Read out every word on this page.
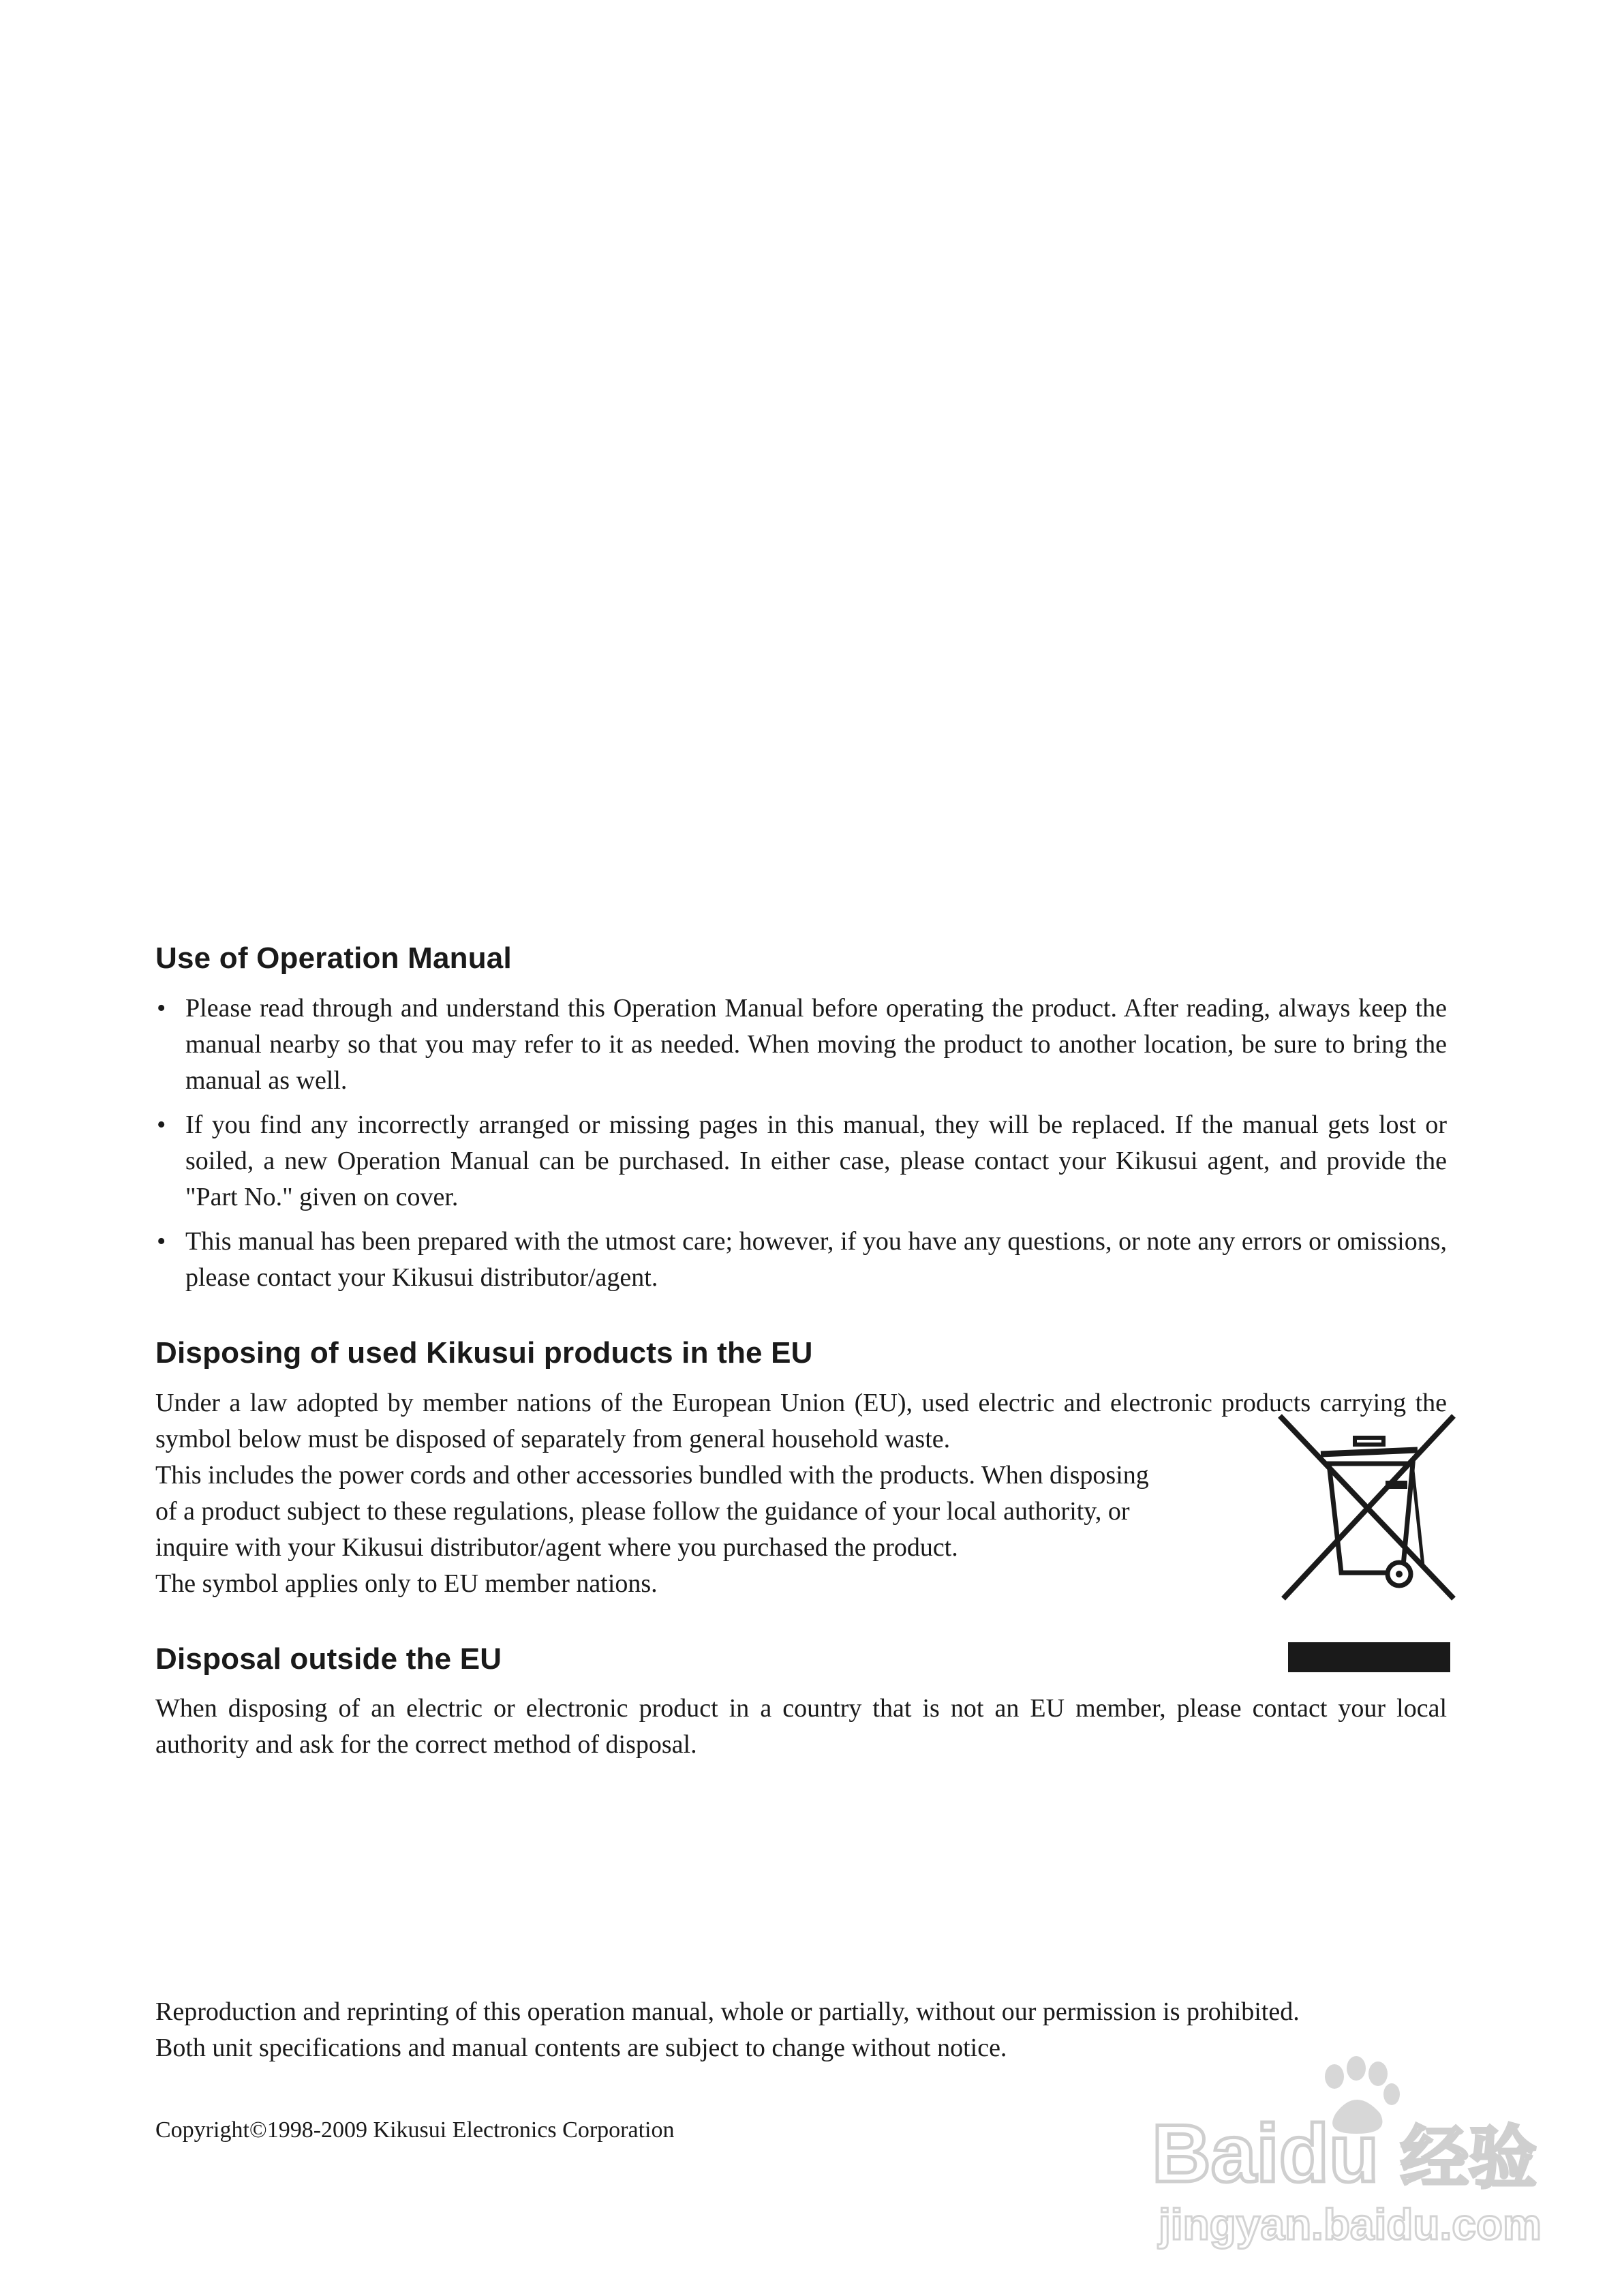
Use of Operation Manual
• Please read through and understand this Operation Manual before operating the product. After reading, always keep the manual nearby so that you may refer to it as needed. When moving the product to another location, be sure to bring the manual as well.
• If you find any incorrectly arranged or missing pages in this manual, they will be replaced. If the manual gets lost or soiled, a new Operation Manual can be purchased. In either case, please contact your Kikusui agent, and provide the "Part No." given on cover.
• This manual has been prepared with the utmost care; however, if you have any questions, or note any errors or omissions, please contact your Kikusui distributor/agent.
Disposing of used Kikusui products in the EU

Under a law adopted by member nations of the European Union (EU), used electric and electronic products carrying the symbol below must be disposed of separately from general household waste.

This includes the power cords and other accessories bundled with the products. When disposing

of a product subject to these regulations, please follow the guidance of your local authority, or

inquire with your Kikusui distributor/agent where you purchased the product.

The symbol applies only to EU member nations.

Disposal outside the EU

When disposing of an electric or electronic product in a country that is not an EU member, please contact your local authority and ask for the correct method of disposal.

Reproduction and reprinting of this operation manual, whole or partially, without our permission is prohibited.

Both unit specifications and manual contents are subject to change without notice.

Copyright©1998-2009 Kikusui Electronics Corporation	Baidu 经验
jingyan.baidu.com
